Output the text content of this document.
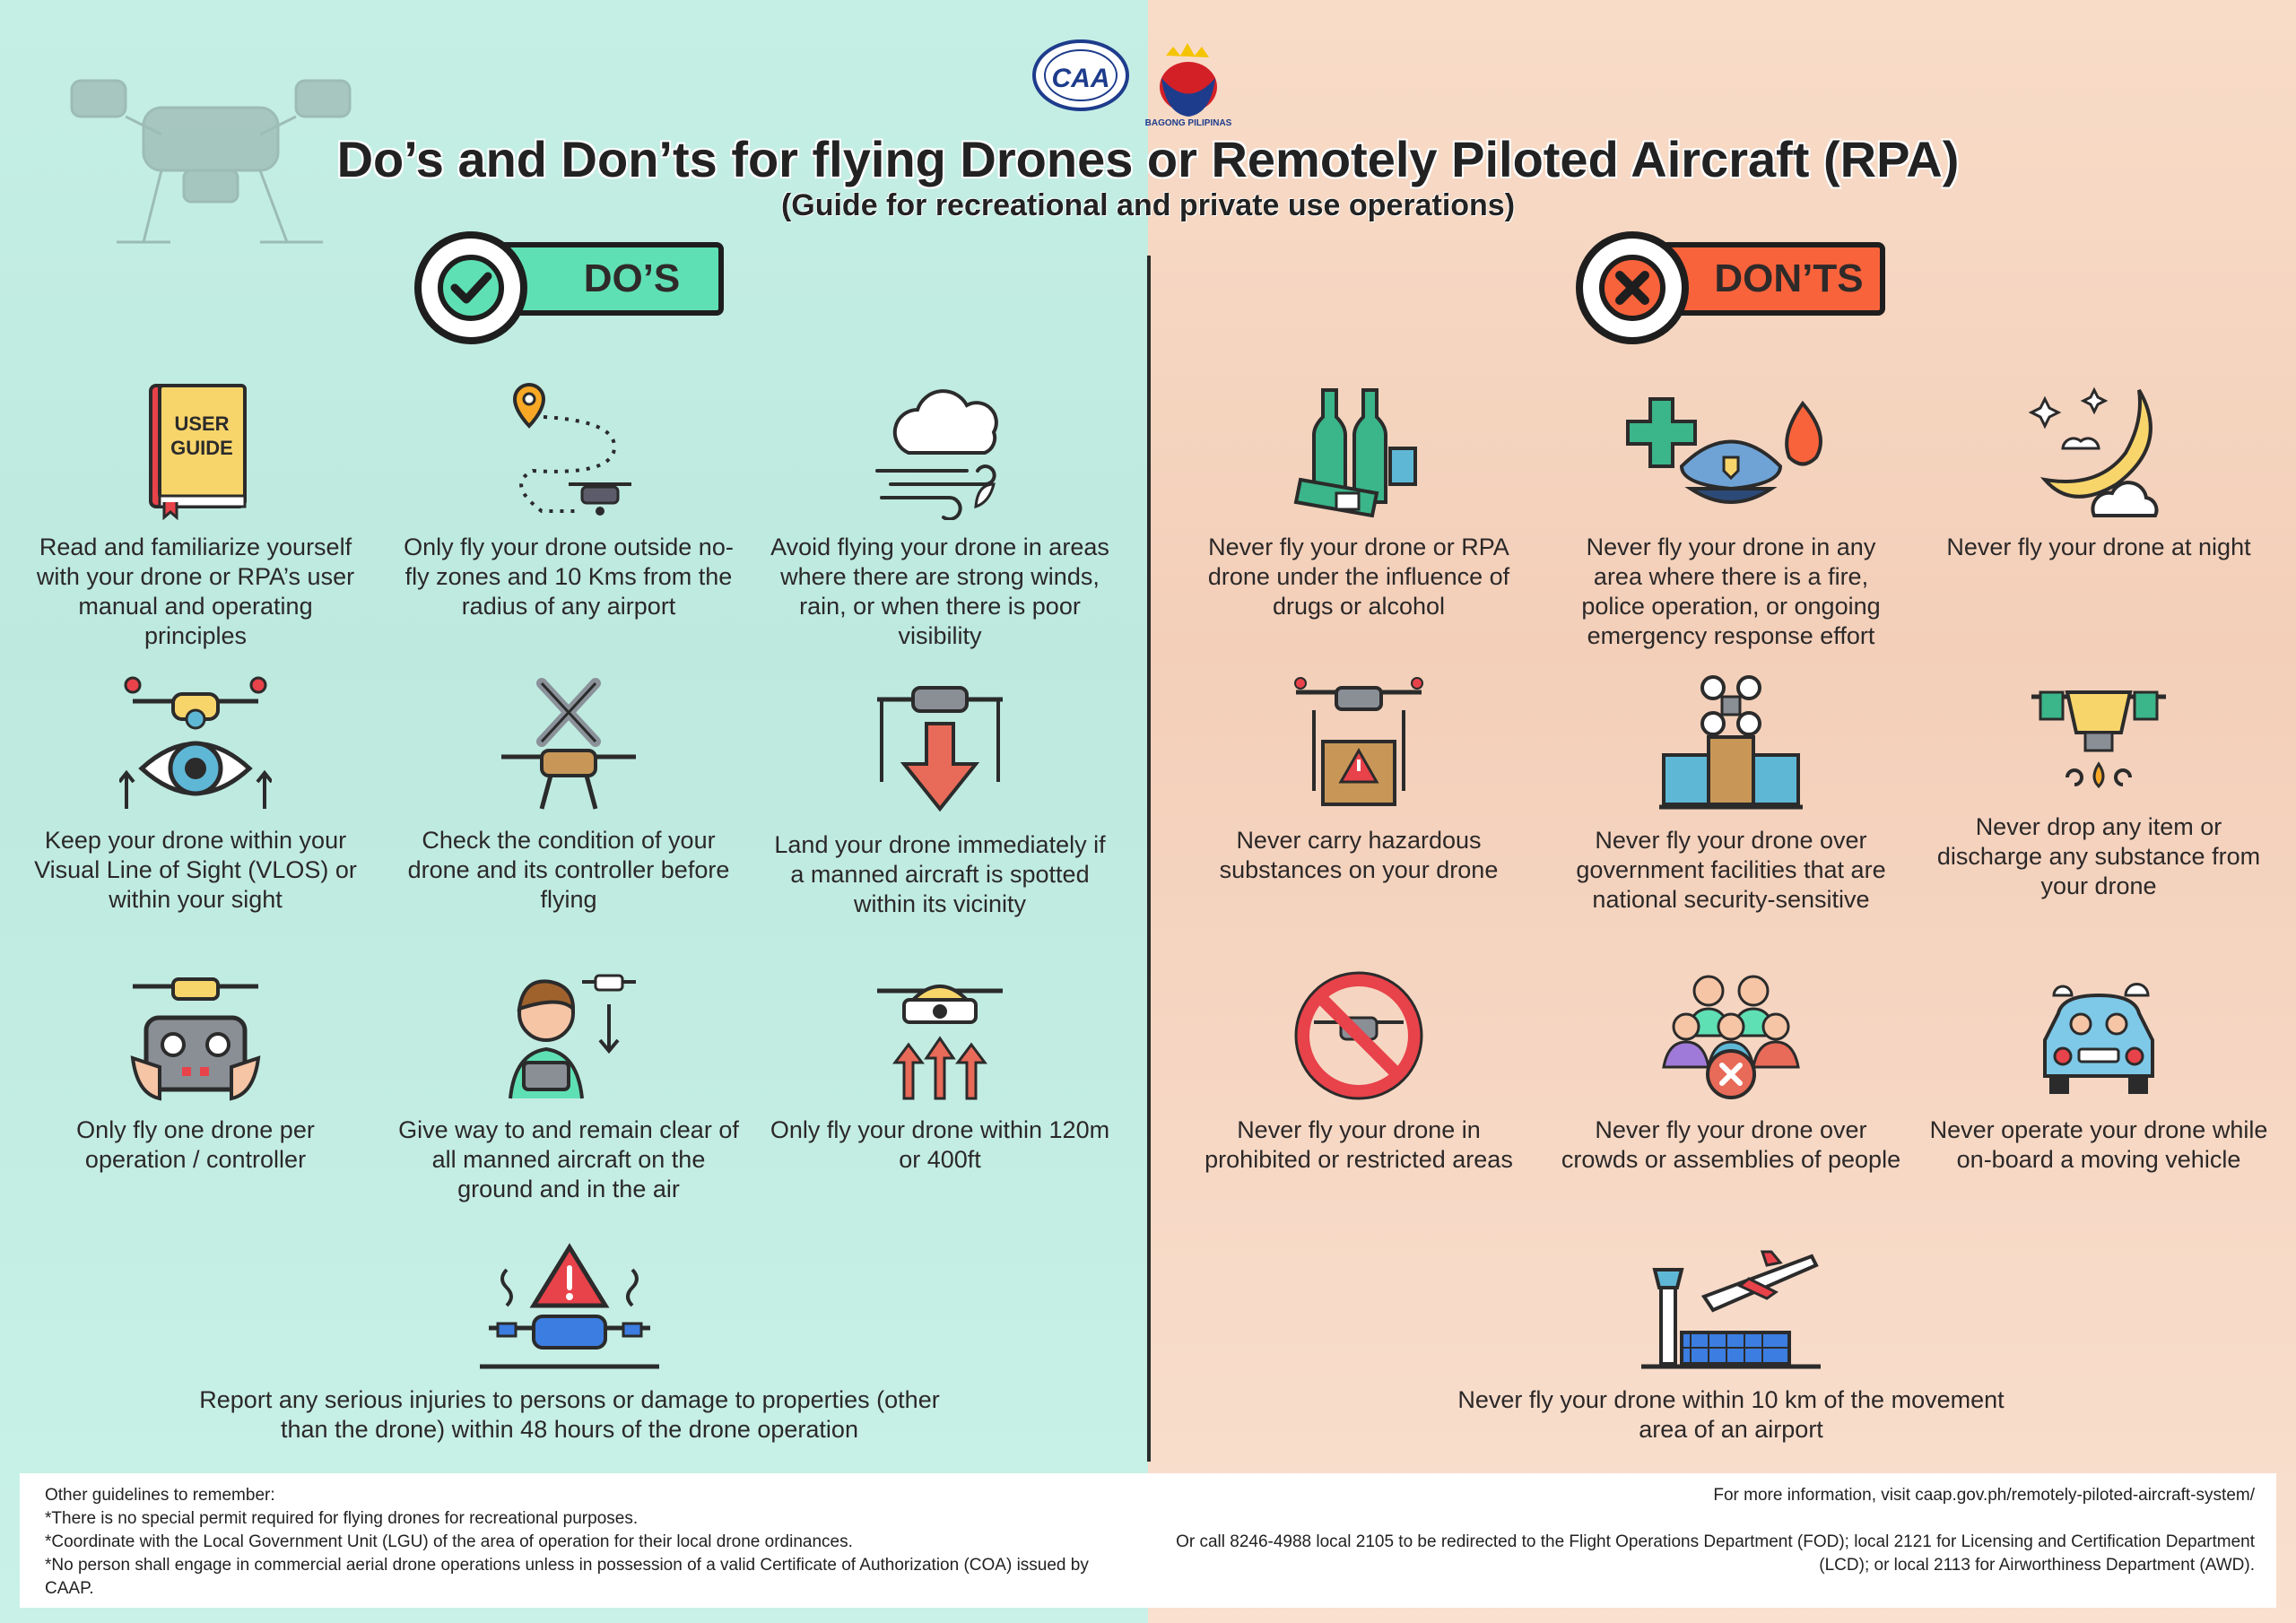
CAA
BAGONG PILIPINAS
Do’s and Don’ts for flying Drones or Remotely Piloted Aircraft (RPA)
(Guide for recreational and private use operations)
DO’S	DON’TS
USER
GUIDE
Read and familiarize yourself with your drone or RPA’s user manual and operating principles
Only fly your drone outside no-fly zones and 10 Kms from the radius of any airport
Avoid flying your drone in areas where there are strong winds, rain, or when there is poor visibility
Keep your drone within your Visual Line of Sight (VLOS) or within your sight
Check the condition of your drone and its controller before flying
Land your drone immediately if a manned aircraft is spotted within its vicinity
Only fly one drone per operation / controller
Give way to and remain clear of all manned aircraft on the ground and in the air
Only fly your drone within 120m or 400ft
Report any serious injuries to persons or damage to properties (other than the drone) within 48 hours of the drone operation
Never fly your drone or RPA drone under the influence of drugs or alcohol
Never fly your drone in any area where there is a fire, police operation, or ongoing emergency response effort
Never fly your drone at night
Never carry hazardous substances on your drone
Never fly your drone over government facilities that are national security-sensitive
Never drop any item or discharge any substance from your drone
Never fly your drone in prohibited or restricted areas
Never fly your drone over crowds or assemblies of people
Never operate your drone while on-board a moving vehicle
Never fly your drone within 10 km of the movement area of an airport
Other guidelines to remember:
*There is no special permit required for flying drones for recreational purposes.
*Coordinate with the Local Government Unit (LGU) of the area of operation for their local drone ordinances.
*No person shall engage in commercial aerial drone operations unless in possession of a valid Certificate of Authorization (COA) issued by CAAP.
For more information, visit caap.gov.ph/remotely-piloted-aircraft-system/
Or call 8246-4988 local 2105 to be redirected to the Flight Operations Department (FOD); local 2121 for Licensing and Certification Department (LCD); or local 2113 for Airworthiness Department (AWD).
